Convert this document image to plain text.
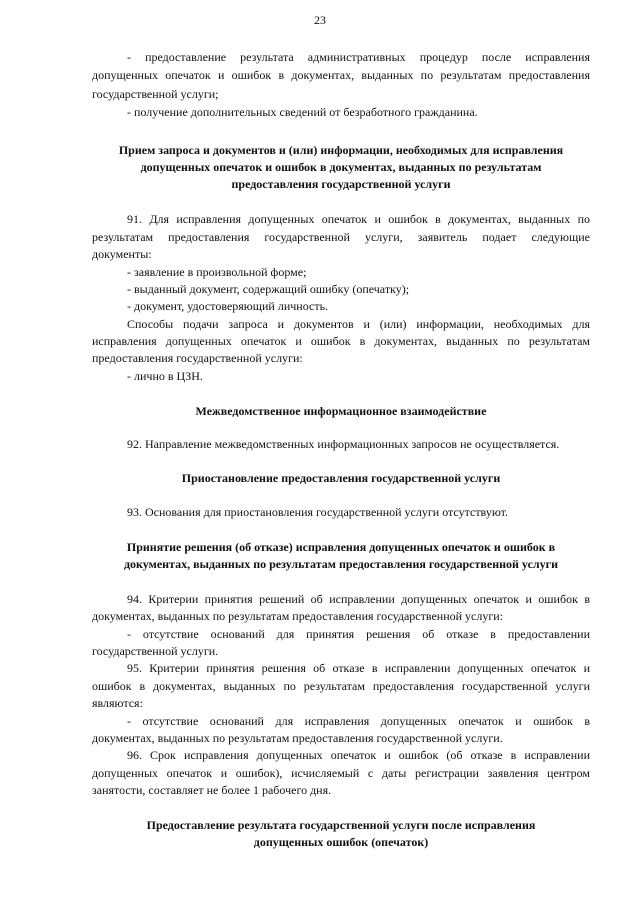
23
- предоставление результата административных процедур после исправления
допущенных опечаток и ошибок в документах, выданных по результатам предоставления
государственной услуги;
- получение дополнительных сведений от безработного гражданина.
Прием запроса и документов и (или) информации, необходимых для исправления
допущенных опечаток и ошибок в документах, выданных по результатам
предоставления государственной услуги
91. Для исправления допущенных опечаток и ошибок в документах, выданных по
результатам предоставления государственной услуги, заявитель подает следующие
документы:
- заявление в произвольной форме;
- выданный документ, содержащий ошибку (опечатку);
- документ, удостоверяющий личность.
Способы подачи запроса и документов и (или) информации, необходимых для
исправления допущенных опечаток и ошибок в документах, выданных по результатам
предоставления государственной услуги:
- лично в ЦЗН.
Межведомственное информационное взаимодействие
92. Направление межведомственных информационных запросов не осуществляется.
Приостановление предоставления государственной услуги
93. Основания для приостановления государственной услуги отсутствуют.
Принятие решения (об отказе) исправления допущенных опечаток и ошибок в
документах, выданных по результатам предоставления государственной услуги
94. Критерии принятия решений об исправлении допущенных опечаток и ошибок в
документах, выданных по результатам предоставления государственной услуги:
- отсутствие оснований для принятия решения об отказе в предоставлении
государственной услуги.
95. Критерии принятия решения об отказе в исправлении допущенных опечаток и
ошибок в документах, выданных по результатам предоставления государственной услуги
являются:
- отсутствие оснований для исправления допущенных опечаток и ошибок в
документах, выданных по результатам предоставления государственной услуги.
96. Срок исправления допущенных опечаток и ошибок (об отказе в исправлении
допущенных опечаток и ошибок), исчисляемый с даты регистрации заявления центром
занятости, составляет не более 1 рабочего дня.
Предоставление результата государственной услуги после исправления
допущенных ошибок (опечаток)
